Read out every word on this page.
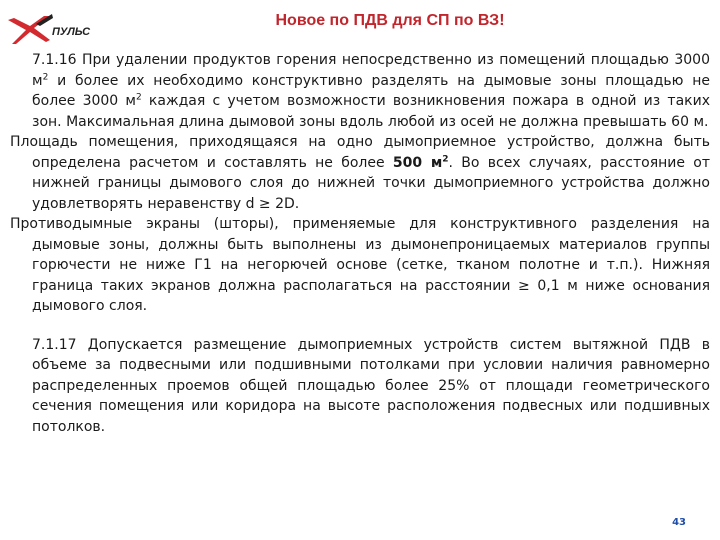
ПУЛЬС
Новое по ПДВ для СП по ВЗ!

7.1.16 При удалении продуктов горения непосредственно из помещений площадью 3000 $м^2$ и более их необходимо конструктивно разделять на дымовые зоны площадью не более 3000 $м^2$ каждая с учетом возможности возникновения пожара в одной из таких зон. Максимальная длина дымовой зоны вдоль любой из осей не должна превышать 60 м.

Площадь помещения, приходящаяся на одно дымоприемное устройство, должна быть определена расчетом и составлять не более 500 $м^2$. Во всех случаях, расстояние от нижней границы дымового слоя до нижней точки дымоприемного устройства должно удовлетворять неравенству d ≥ 2D.

Противодымные экраны (шторы), применяемые для конструктивного разделения на дымовые зоны, должны быть выполнены из дымонепроницаемых материалов группы горючести не ниже Г1 на негорючей основе (сетке, тканом полотне и т.п.). Нижняя граница таких экранов должна располагаться на расстоянии ≥ 0,1 м ниже основания дымового слоя.

7.1.17 Допускается размещение дымоприемных устройств систем вытяжной ПДВ в объеме за подвесными или подшивными потолками при условии наличия равномерно распределенных проемов общей площадью более 25% от площади геометрического сечения помещения или коридора на высоте расположения подвесных или подшивных потолков.

43
